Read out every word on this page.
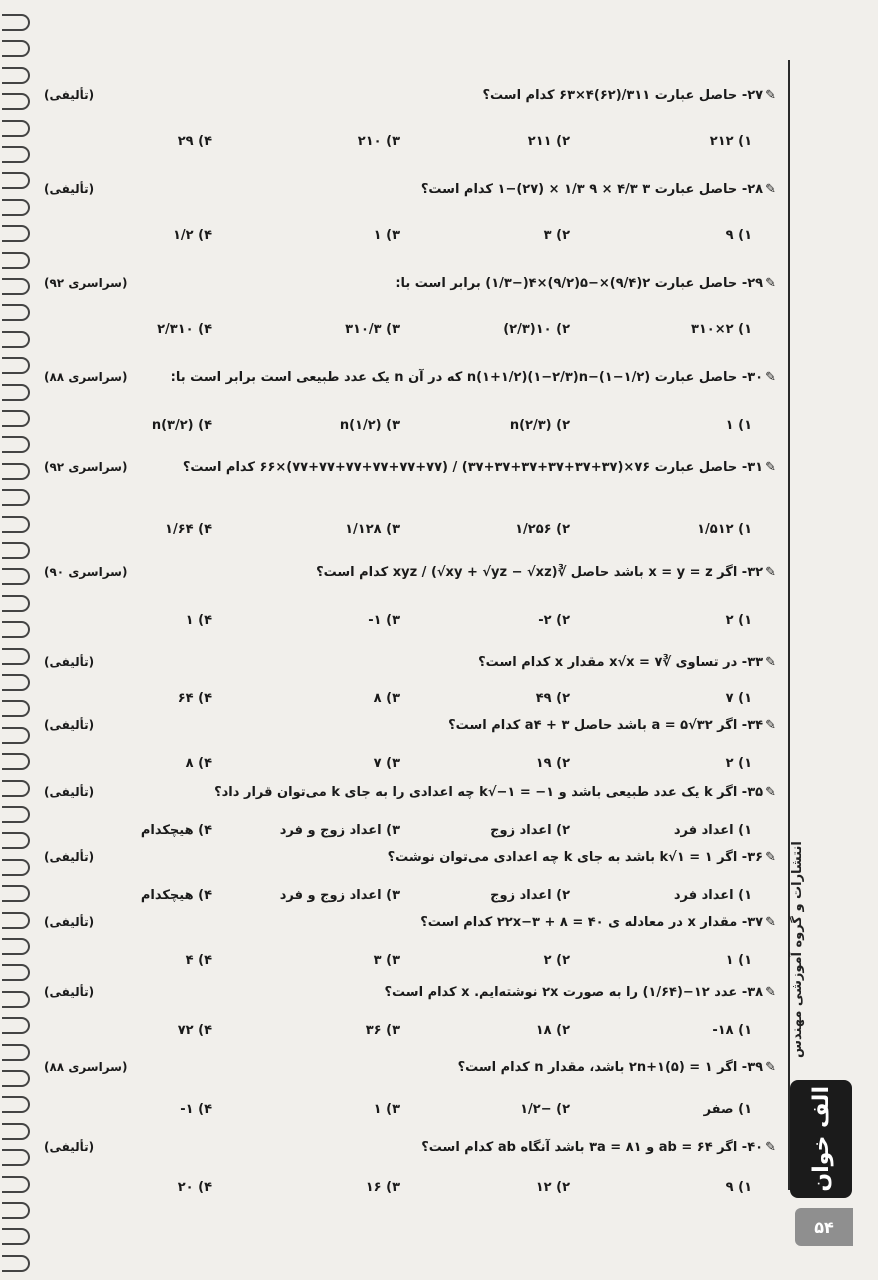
انتشارات و گروه آموزشی مهندس
الف خوان
۵۴
(تألیفی)	✎۲۷- حاصل عبارت ۳۱۱/(۶۲)۴×۶۳ کدام است؟
۱) ۲۱۲
۲) ۲۱۱
۳) ۲۱۰
۴) ۲۹
(تألیفی)	✎۲۸- حاصل عبارت ۳ ۴/۳ × ۹ ۱/۳ × (۲۷)−۱ کدام است؟
۱) ۹
۲) ۳
۳) ۱
۴) ۱/۲
(سراسری ۹۲)	✎۲۹- حاصل عبارت ۲(۹/۴)×−۵(۹/۲)×۴(−۱/۳) برابر است با:
۱) ۲×۳۱۰
۲) ۱۰(۲/۳)
۳) ۳۱۰/۳
۴) ۲/۳۱۰
(سراسری ۸۸)	✎۳۰- حاصل عبارت n(۱+۱/۲)(۱−۲/۳)n−(۱−۱/۲) که در آن n یک عدد طبیعی است برابر است با:
۱) ۱
۲) n(۲/۳)
۳) n(۱/۲)
۴) n(۳/۲)
(سراسری ۹۲)	✎۳۱- حاصل عبارت ۷۶×(۳۷+۳۷+۳۷+۳۷+۳۷+۳۷) / (۷۷+۷۷+۷۷+۷۷+۷۷+۷۷)×۶۶ کدام است؟
۱) ۱/۵۱۲
۲) ۱/۲۵۶
۳) ۱/۱۲۸
۴) ۱/۶۴
(سراسری ۹۰)	✎۳۲- اگر x = y = z باشد حاصل ∛xyz / (√xy + √yz − √xz) کدام است؟
۱) ۲
۲) ۲-
۳) ۱-
۴) ۱
(تألیفی)	✎۳۳- در تساوی ∛x√x = ۷ مقدار x کدام است؟
۱) ۷
۲) ۴۹
۳) ۸
۴) ۶۴
(تألیفی)	✎۳۴- اگر a = ۵√۳۲ باشد حاصل a۴ + ۳ کدام است؟
۱) ۲
۲) ۱۹
۳) ۷
۴) ۸
(تألیفی)	✎۳۵- اگر k یک عدد طبیعی باشد و k√−۱ = −۱ چه اعدادی را به جای k می‌توان قرار داد؟
۱) اعداد فرد
۲) اعداد زوج
۳) اعداد زوج و فرد
۴) هیچکدام
(تألیفی)	✎۳۶- اگر k√۱ = ۱ باشد به جای k چه اعدادی می‌توان نوشت؟
۱) اعداد فرد
۲) اعداد زوج
۳) اعداد زوج و فرد
۴) هیچکدام
(تألیفی)	✎۳۷- مقدار x در معادله ی ۲۲x−۳ + ۸ = ۴۰ کدام است؟
۱) ۱
۲) ۲
۳) ۳
۴) ۴
(تألیفی)	✎۳۸- عدد ۱۲−(۱/۶۴) را به صورت ۲x نوشته‌ایم. x کدام است؟
۱) ۱۸-
۲) ۱۸
۳) ۳۶
۴) ۷۲
(سراسری ۸۸)	✎۳۹- اگر ۱ = ۲n+۱(۵) باشد، مقدار n کدام است؟
۱) صفر
۲) −۱/۲
۳) ۱
۴) ۱-
(تألیفی)	✎۴۰- اگر ۶۴ = ab و ۸۱ = ۳a باشد آنگاه ab کدام است؟
۱) ۹
۲) ۱۲
۳) ۱۶
۴) ۲۰
